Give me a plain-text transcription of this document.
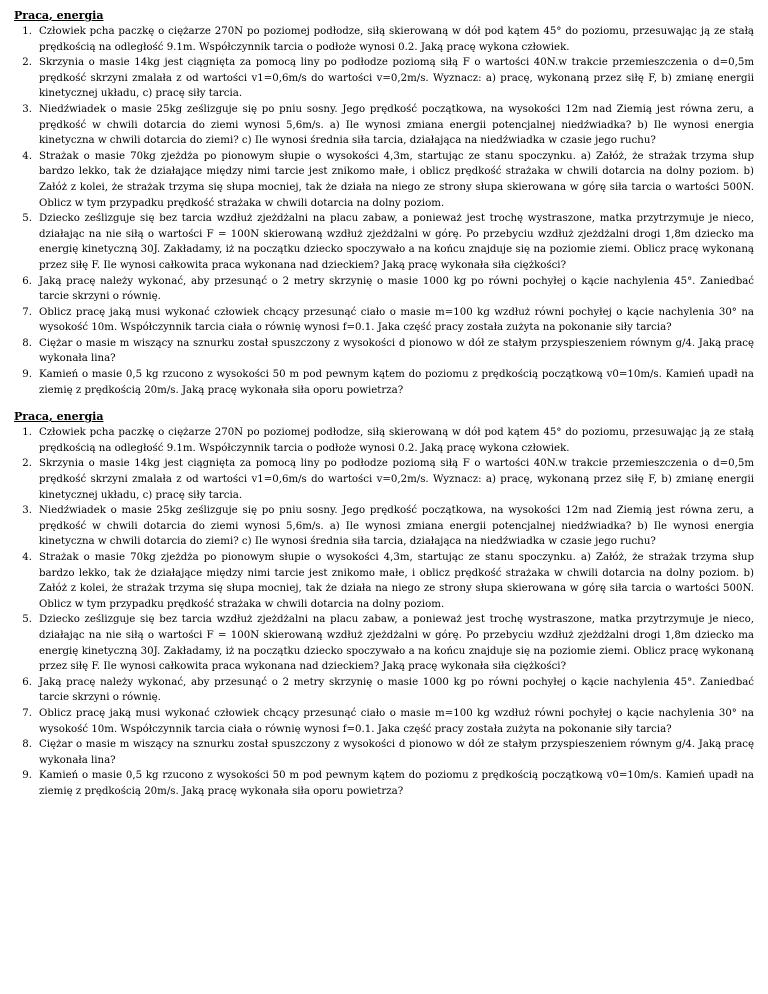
Praca, energia
1. Człowiek pcha paczkę o ciężarze 270N po poziomej podłodze, siłą skierowaną w dół pod kątem 45° do poziomu, przesuwając ją ze stałą prędkością na odległość 9.1m. Współczynnik tarcia o podłoże wynosi 0.2. Jaką pracę wykona człowiek.
2. Skrzynia o masie 14kg jest ciągnięta za pomocą liny po podłodze poziomą siłą F o wartości 40N.w trakcie przemieszczenia o d=0,5m prędkość skrzyni zmalała z od wartości v1=0,6m/s do wartości v=0,2m/s. Wyznacz: a) pracę, wykonaną przez siłę F, b) zmianę energii kinetycznej układu, c) pracę siły tarcia.
3. Niedźwiadek o masie 25kg ześlizguje się po pniu sosny. Jego prędkość początkowa, na wysokości 12m nad Ziemią jest równa zeru, a prędkość w chwili dotarcia do ziemi wynosi 5,6m/s. a) Ile wynosi zmiana energii potencjalnej niedźwiadka? b) Ile wynosi energia kinetyczna w chwili dotarcia do ziemi? c) Ile wynosi średnia siła tarcia, działająca na niedźwiadka w czasie jego ruchu?
4. Strażak o masie 70kg zjeżdża po pionowym słupie o wysokości 4,3m, startując ze stanu spoczynku. a) Załóż, że strażak trzyma słup bardzo lekko, tak że działające między nimi tarcie jest znikomo małe, i oblicz prędkość strażaka w chwili dotarcia na dolny poziom. b) Załóż z kolei, że strażak trzyma się słupa mocniej, tak że działa na niego ze strony słupa skierowana w górę siła tarcia o wartości 500N. Oblicz w tym przypadku prędkość strażaka w chwili dotarcia na dolny poziom.
5. Dziecko ześlizguje się bez tarcia wzdłuż zjeżdżalni na placu zabaw, a ponieważ jest trochę wystraszone, matka przytrzymuje je nieco, działając na nie siłą o wartości F = 100N skierowaną wzdłuż zjeżdżalni w górę. Po przebyciu wzdłuż zjeżdżalni drogi 1,8m dziecko ma energię kinetyczną 30J. Zakładamy, iż na początku dziecko spoczywało a na końcu znajduje się na poziomie ziemi. Oblicz pracę wykonaną przez siłę F. Ile wynosi całkowita praca wykonana nad dzieckiem? Jaką pracę wykonała siła ciężkości?
6. Jaką pracę należy wykonać, aby przesunąć o 2 metry skrzynię o masie 1000 kg po równi pochyłej o kącie nachylenia 45°. Zaniedbać tarcie skrzyni o równię.
7. Oblicz pracę jaką musi wykonać człowiek chcący przesunąć ciało o masie m=100 kg wzdłuż równi pochyłej o kącie nachylenia 30° na wysokość 10m. Współczynnik tarcia ciała o równię wynosi f=0.1. Jaka część pracy została zużyta na pokonanie siły tarcia?
8. Ciężar o masie m wiszący na sznurku został spuszczony z wysokości d pionowo w dół ze stałym przyspieszeniem równym g/4. Jaką pracę wykonała lina?
9. Kamień o masie 0,5 kg rzucono z wysokości 50 m pod pewnym kątem do poziomu z prędkością początkową v0=10m/s. Kamień upadł na ziemię z prędkością 20m/s. Jaką pracę wykonała siła oporu powietrza?
Praca, energia
1. Człowiek pcha paczkę o ciężarze 270N po poziomej podłodze, siłą skierowaną w dół pod kątem 45° do poziomu, przesuwając ją ze stałą prędkością na odległość 9.1m. Współczynnik tarcia o podłoże wynosi 0.2. Jaką pracę wykona człowiek.
2. Skrzynia o masie 14kg jest ciągnięta za pomocą liny po podłodze poziomą siłą F o wartości 40N.w trakcie przemieszczenia o d=0,5m prędkość skrzyni zmalała z od wartości v1=0,6m/s do wartości v=0,2m/s. Wyznacz: a) pracę, wykonaną przez siłę F, b) zmianę energii kinetycznej układu, c) pracę siły tarcia.
3. Niedźwiadek o masie 25kg ześlizguje się po pniu sosny. Jego prędkość początkowa, na wysokości 12m nad Ziemią jest równa zeru, a prędkość w chwili dotarcia do ziemi wynosi 5,6m/s. a) Ile wynosi zmiana energii potencjalnej niedźwiadka? b) Ile wynosi energia kinetyczna w chwili dotarcia do ziemi? c) Ile wynosi średnia siła tarcia, działająca na niedźwiadka w czasie jego ruchu?
4. Strażak o masie 70kg zjeżdża po pionowym słupie o wysokości 4,3m, startując ze stanu spoczynku. a) Załóż, że strażak trzyma słup bardzo lekko, tak że działające między nimi tarcie jest znikomo małe, i oblicz prędkość strażaka w chwili dotarcia na dolny poziom. b) Załóż z kolei, że strażak trzyma się słupa mocniej, tak że działa na niego ze strony słupa skierowana w górę siła tarcia o wartości 500N. Oblicz w tym przypadku prędkość strażaka w chwili dotarcia na dolny poziom.
5. Dziecko ześlizguje się bez tarcia wzdłuż zjeżdżalni na placu zabaw, a ponieważ jest trochę wystraszone, matka przytrzymuje je nieco, działając na nie siłą o wartości F = 100N skierowaną wzdłuż zjeżdżalni w górę. Po przebyciu wzdłuż zjeżdżalni drogi 1,8m dziecko ma energię kinetyczną 30J. Zakładamy, iż na początku dziecko spoczywało a na końcu znajduje się na poziomie ziemi. Oblicz pracę wykonaną przez siłę F. Ile wynosi całkowita praca wykonana nad dzieckiem? Jaką pracę wykonała siła ciężkości?
6. Jaką pracę należy wykonać, aby przesunąć o 2 metry skrzynię o masie 1000 kg po równi pochyłej o kącie nachylenia 45°. Zaniedbać tarcie skrzyni o równię.
7. Oblicz pracę jaką musi wykonać człowiek chcący przesunąć ciało o masie m=100 kg wzdłuż równi pochyłej o kącie nachylenia 30° na wysokość 10m. Współczynnik tarcia ciała o równię wynosi f=0.1. Jaka część pracy została zużyta na pokonanie siły tarcia?
8. Ciężar o masie m wiszący na sznurku został spuszczony z wysokości d pionowo w dół ze stałym przyspieszeniem równym g/4. Jaką pracę wykonała lina?
9. Kamień o masie 0,5 kg rzucono z wysokości 50 m pod pewnym kątem do poziomu z prędkością początkową v0=10m/s. Kamień upadł na ziemię z prędkością 20m/s. Jaką pracę wykonała siła oporu powietrza?
